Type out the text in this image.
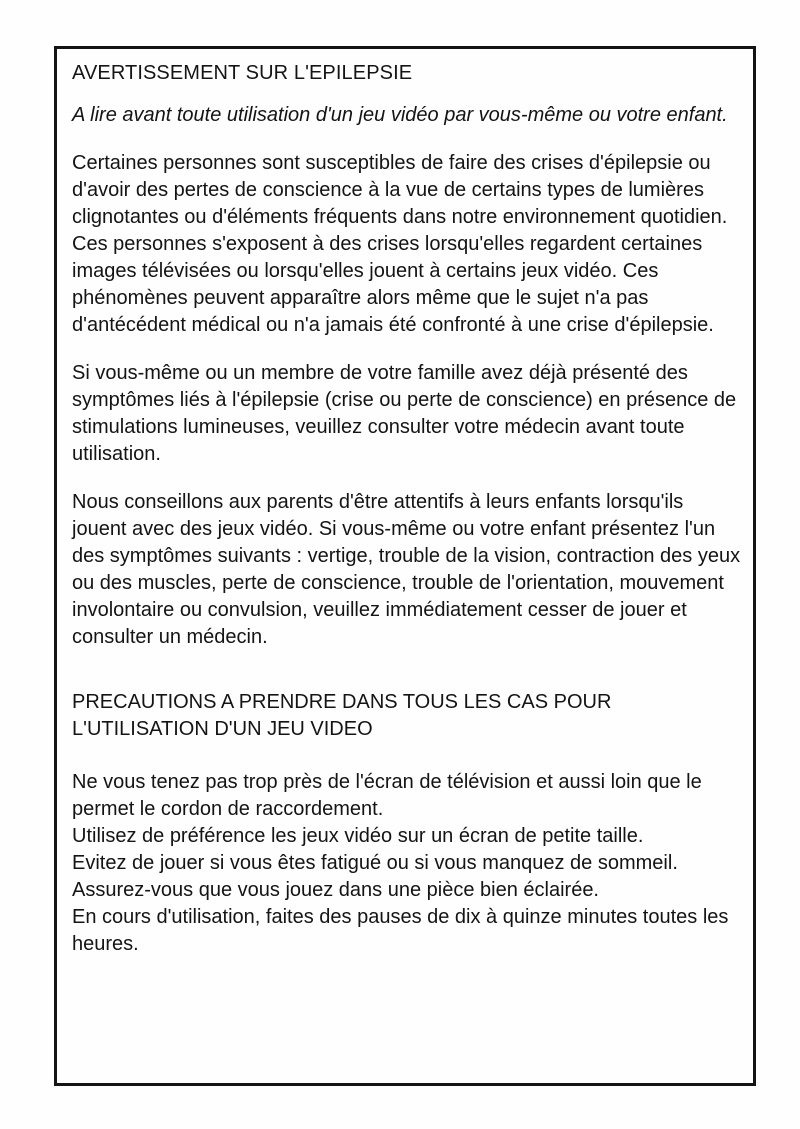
AVERTISSEMENT SUR L'EPILEPSIE

A lire avant toute utilisation d'un jeu vidéo par vous-même ou votre enfant.

Certaines personnes sont susceptibles de faire des crises d'épilepsie ou d'avoir des pertes de conscience à la vue de certains types de lumières clignotantes ou d'éléments fréquents dans notre environnement quotidien. Ces personnes s'exposent à des crises lorsqu'elles regardent certaines images télévisées ou lorsqu'elles jouent à certains jeux vidéo. Ces phénomènes peuvent apparaître alors même que le sujet n'a pas d'antécédent médical ou n'a jamais été confronté à une crise d'épilepsie.

Si vous-même ou un membre de votre famille avez déjà présenté des symptômes liés à l'épilepsie (crise ou perte de conscience) en présence de stimulations lumineuses, veuillez consulter votre médecin avant toute utilisation.

Nous conseillons aux parents d'être attentifs à leurs enfants lorsqu'ils jouent avec des jeux vidéo. Si vous-même ou votre enfant présentez l'un des symptômes suivants : vertige, trouble de la vision, contraction des yeux ou des muscles, perte de conscience, trouble de l'orientation, mouvement involontaire ou convulsion, veuillez immédiatement cesser de jouer et consulter un médecin.

PRECAUTIONS A PRENDRE DANS TOUS LES CAS POUR
L'UTILISATION D'UN JEU VIDEO

Ne vous tenez pas trop près de l'écran de télévision et aussi loin que le permet le cordon de raccordement.

Utilisez de préférence les jeux vidéo sur un écran de petite taille.

Evitez de jouer si vous êtes fatigué ou si vous manquez de sommeil.

Assurez-vous que vous jouez dans une pièce bien éclairée.

En cours d'utilisation, faites des pauses de dix à quinze minutes toutes les heures.
